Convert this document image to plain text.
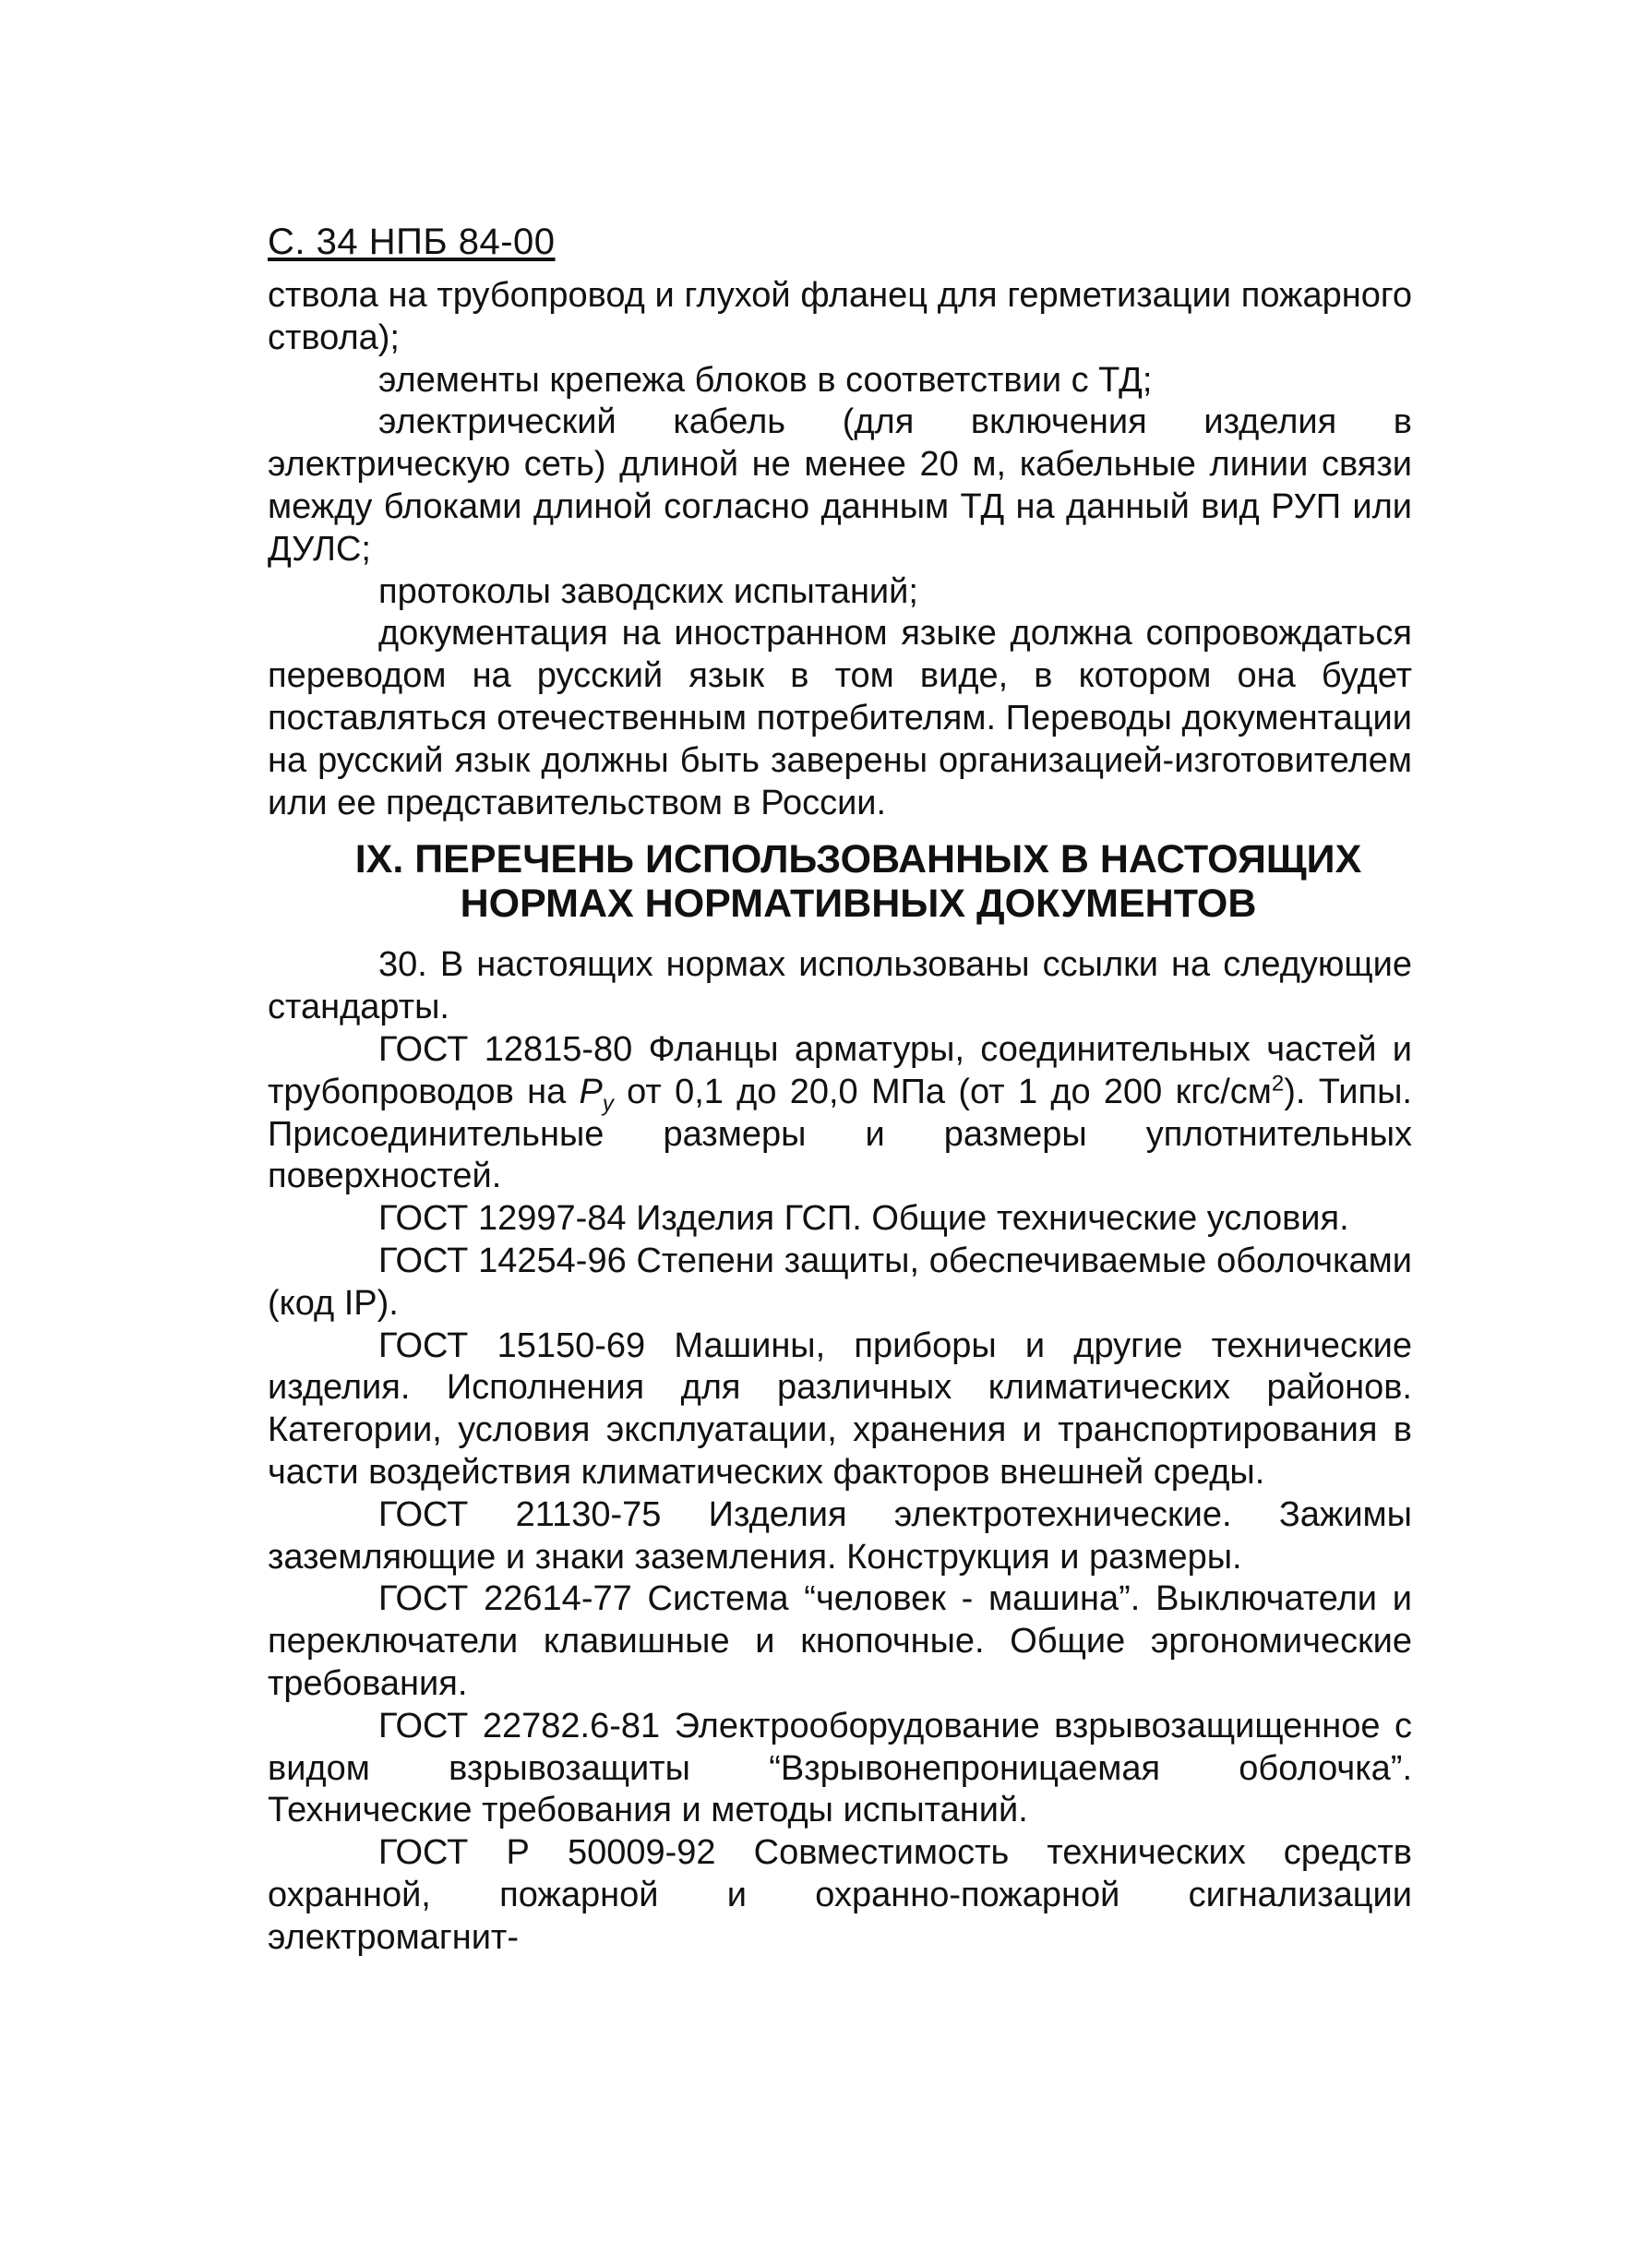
С. 34 НПБ 84-00

ствола на трубопровод и глухой фланец для герметизации пожарного ствола);

элементы крепежа блоков в соответствии с ТД;

электрический кабель (для включения изделия в электрическую сеть) длиной не менее 20 м, кабельные линии связи между блоками длиной согласно данным ТД на данный вид РУП или ДУЛС;

протоколы заводских испытаний;

документация на иностранном языке должна сопровождаться переводом на русский язык в том виде, в котором она будет поставляться отечественным потребителям. Переводы документации на русский язык должны быть заверены организацией-изготовителем или ее представительством в России.

IX. ПЕРЕЧЕНЬ ИСПОЛЬЗОВАННЫХ В НАСТОЯЩИХ
НОРМАХ НОРМАТИВНЫХ ДОКУМЕНТОВ

30. В настоящих нормах использованы ссылки на следующие стандарты.

ГОСТ 12815-80 Фланцы арматуры, соединительных частей и трубопроводов на $P_y$ от 0,1 до 20,0 МПа (от 1 до 200 кгс/$см^2$). Типы. Присоединительные размеры и размеры уплотнительных поверхностей.

ГОСТ 12997-84 Изделия ГСП. Общие технические условия.

ГОСТ 14254-96 Степени защиты, обеспечиваемые оболочками (код IP).

ГОСТ 15150-69 Машины, приборы и другие технические изделия. Исполнения для различных климатических районов. Категории, условия эксплуатации, хранения и транспортирования в части воздействия климатических факторов внешней среды.

ГОСТ 21130-75 Изделия электротехнические. Зажимы заземляющие и знаки заземления. Конструкция и размеры.

ГОСТ 22614-77 Система “человек - машина”. Выключатели и переключатели клавишные и кнопочные. Общие эргономические требования.

ГОСТ 22782.6-81 Электрооборудование взрывозащищенное с видом взрывозащиты “Взрывонепроницаемая оболочка”. Технические требования и методы испытаний.

ГОСТ Р 50009-92 Совместимость технических средств охранной, пожарной и охранно-пожарной сигнализации электромагнит-
